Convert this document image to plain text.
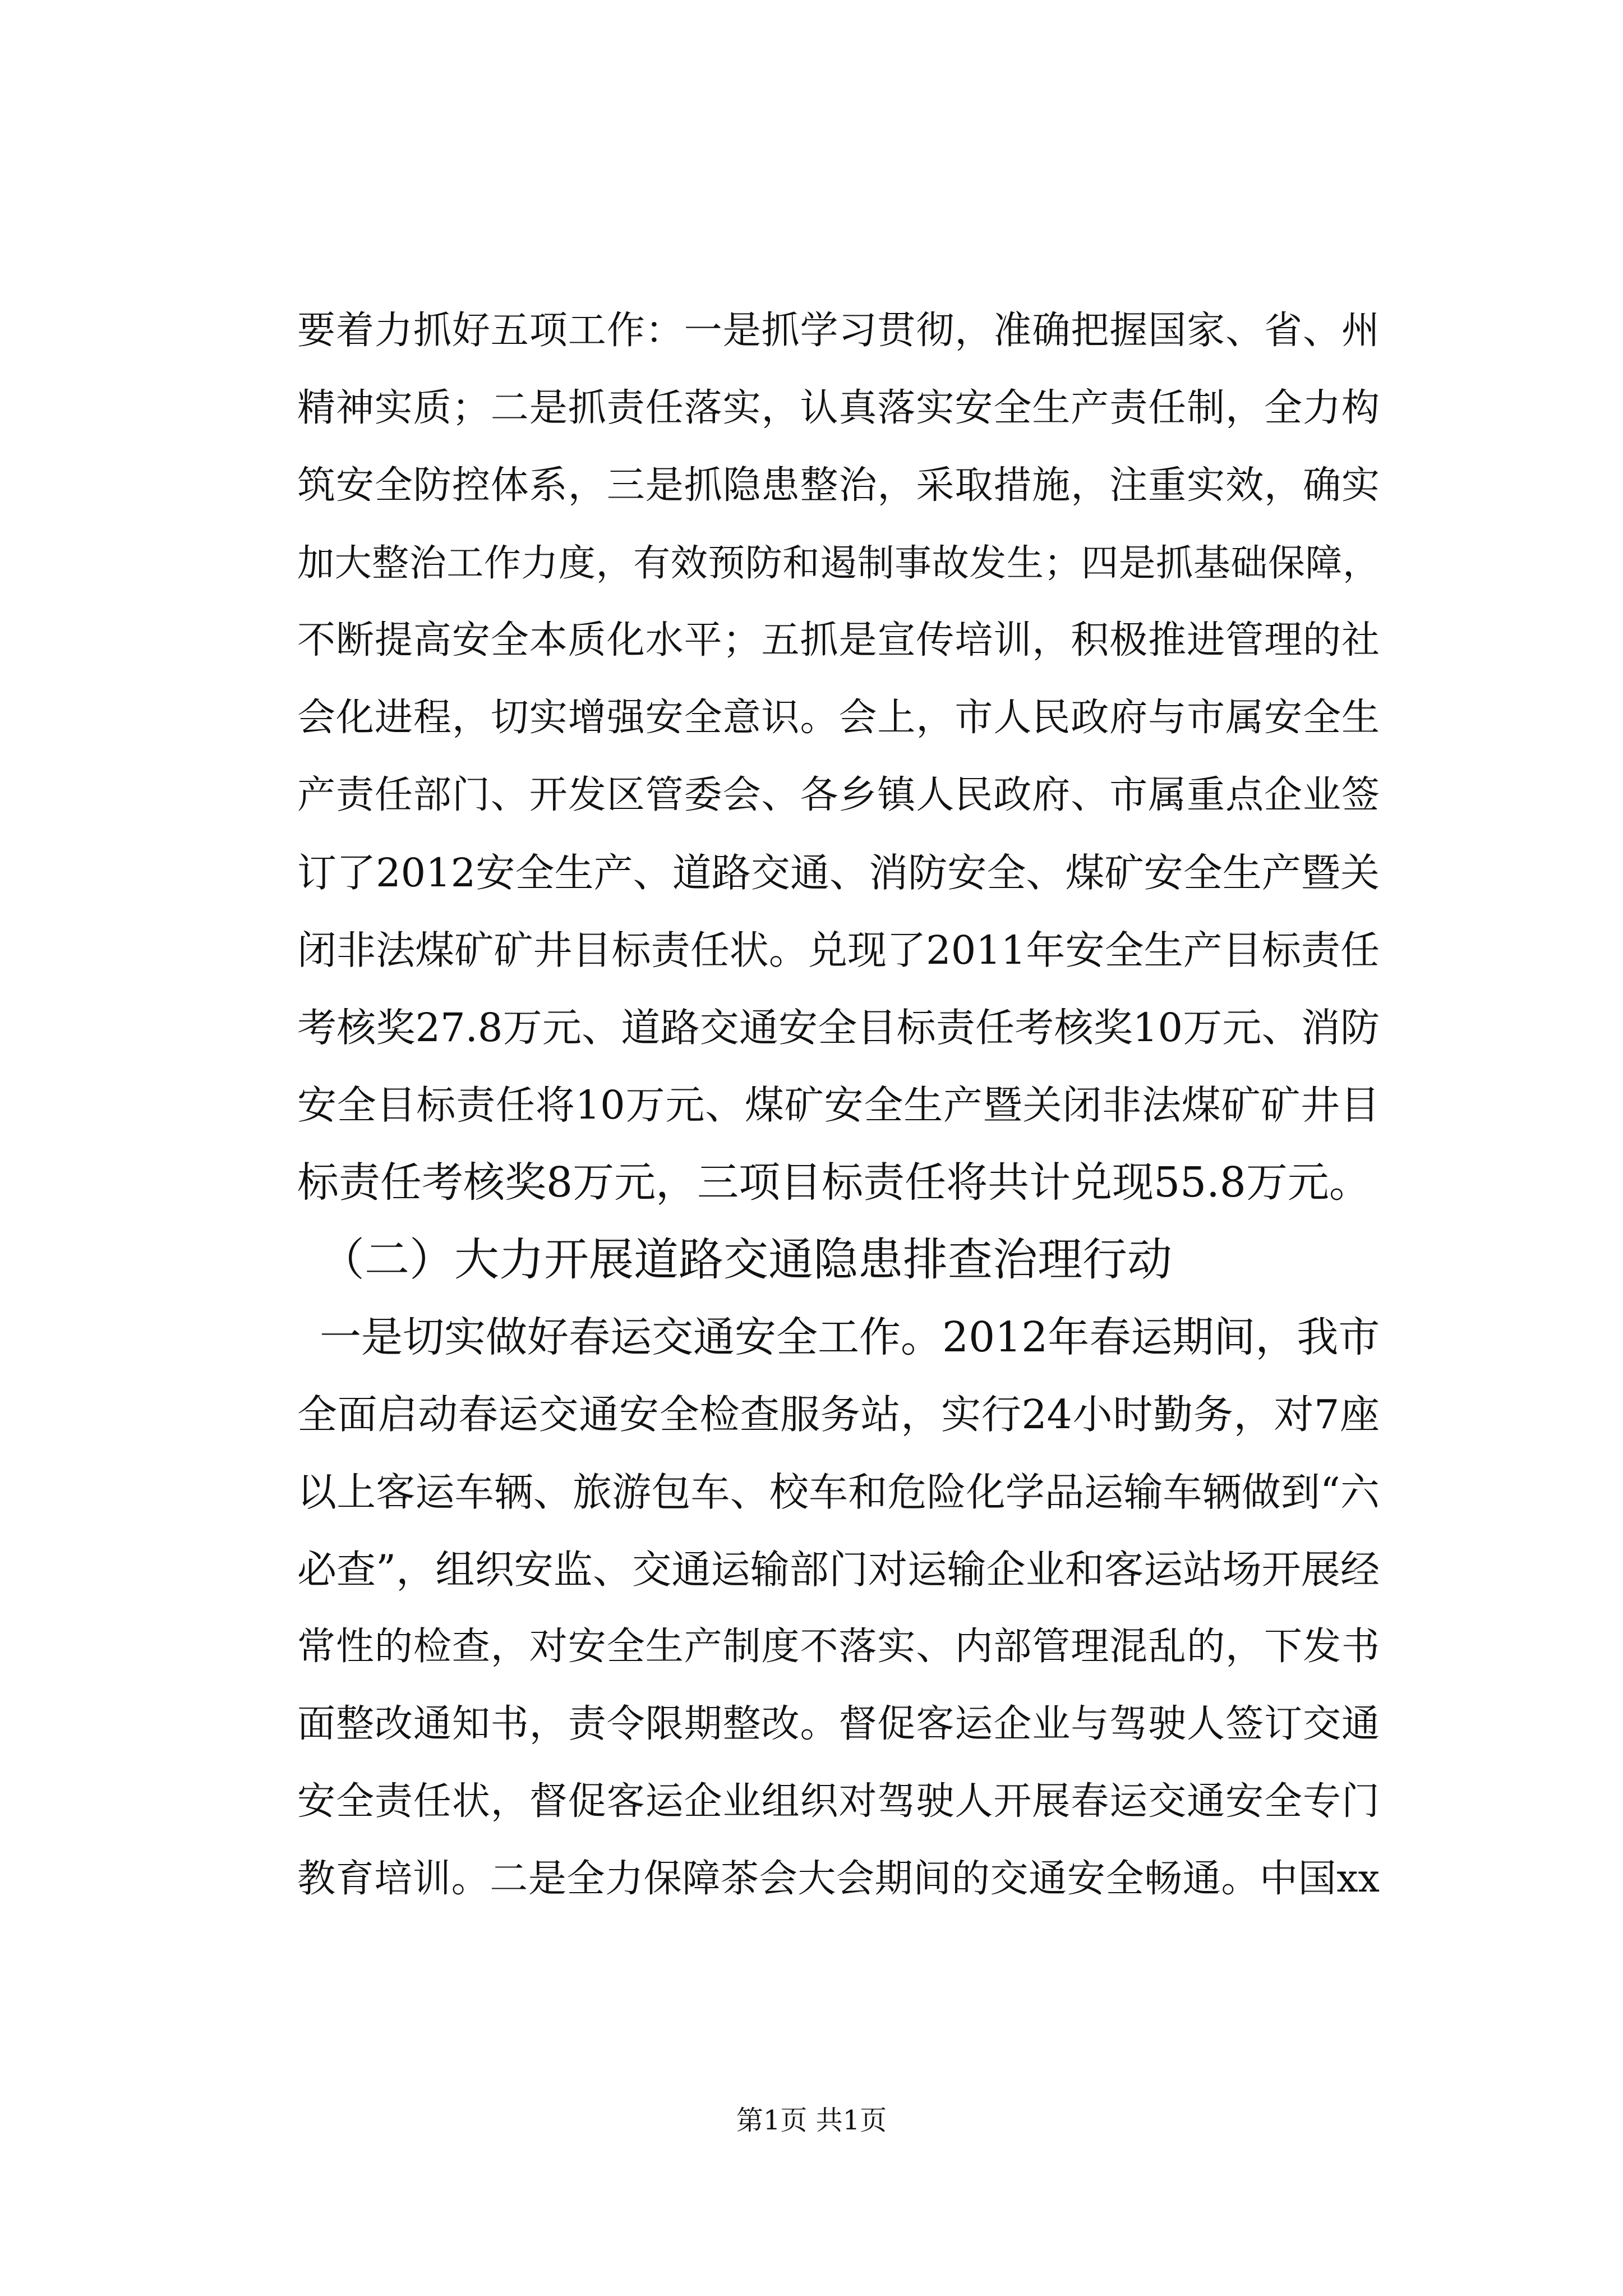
要着力抓好五项工作：一是抓学习贯彻，准确把握国家、省、州
精神实质；二是抓责任落实，认真落实安全生产责任制，全力构
筑安全防控体系，三是抓隐患整治，采取措施，注重实效，确实
加大整治工作力度，有效预防和遏制事故发生；四是抓基础保障，
不断提高安全本质化水平；五抓是宣传培训，积极推进管理的社
会化进程，切实增强安全意识。会上，市人民政府与市属安全生
产责任部门、开发区管委会、各乡镇人民政府、市属重点企业签
订了2012安全生产、道路交通、消防安全、煤矿安全生产暨关
闭非法煤矿矿井目标责任状。兑现了2011年安全生产目标责任
考核奖27.8万元、道路交通安全目标责任考核奖10万元、消防
安全目标责任将10万元、煤矿安全生产暨关闭非法煤矿矿井目
标责任考核奖8万元，三项目标责任将共计兑现55.8万元。
（二）大力开展道路交通隐患排查治理行动
一是切实做好春运交通安全工作。2012年春运期间，我市
全面启动春运交通安全检查服务站，实行24小时勤务，对7座
以上客运车辆、旅游包车、校车和危险化学品运输车辆做到“六
必查”，组织安监、交通运输部门对运输企业和客运站场开展经
常性的检查，对安全生产制度不落实、内部管理混乱的，下发书
面整改通知书，责令限期整改。督促客运企业与驾驶人签订交通
安全责任状，督促客运企业组织对驾驶人开展春运交通安全专门
教育培训。二是全力保障茶会大会期间的交通安全畅通。中国xx
第1页 共1页
